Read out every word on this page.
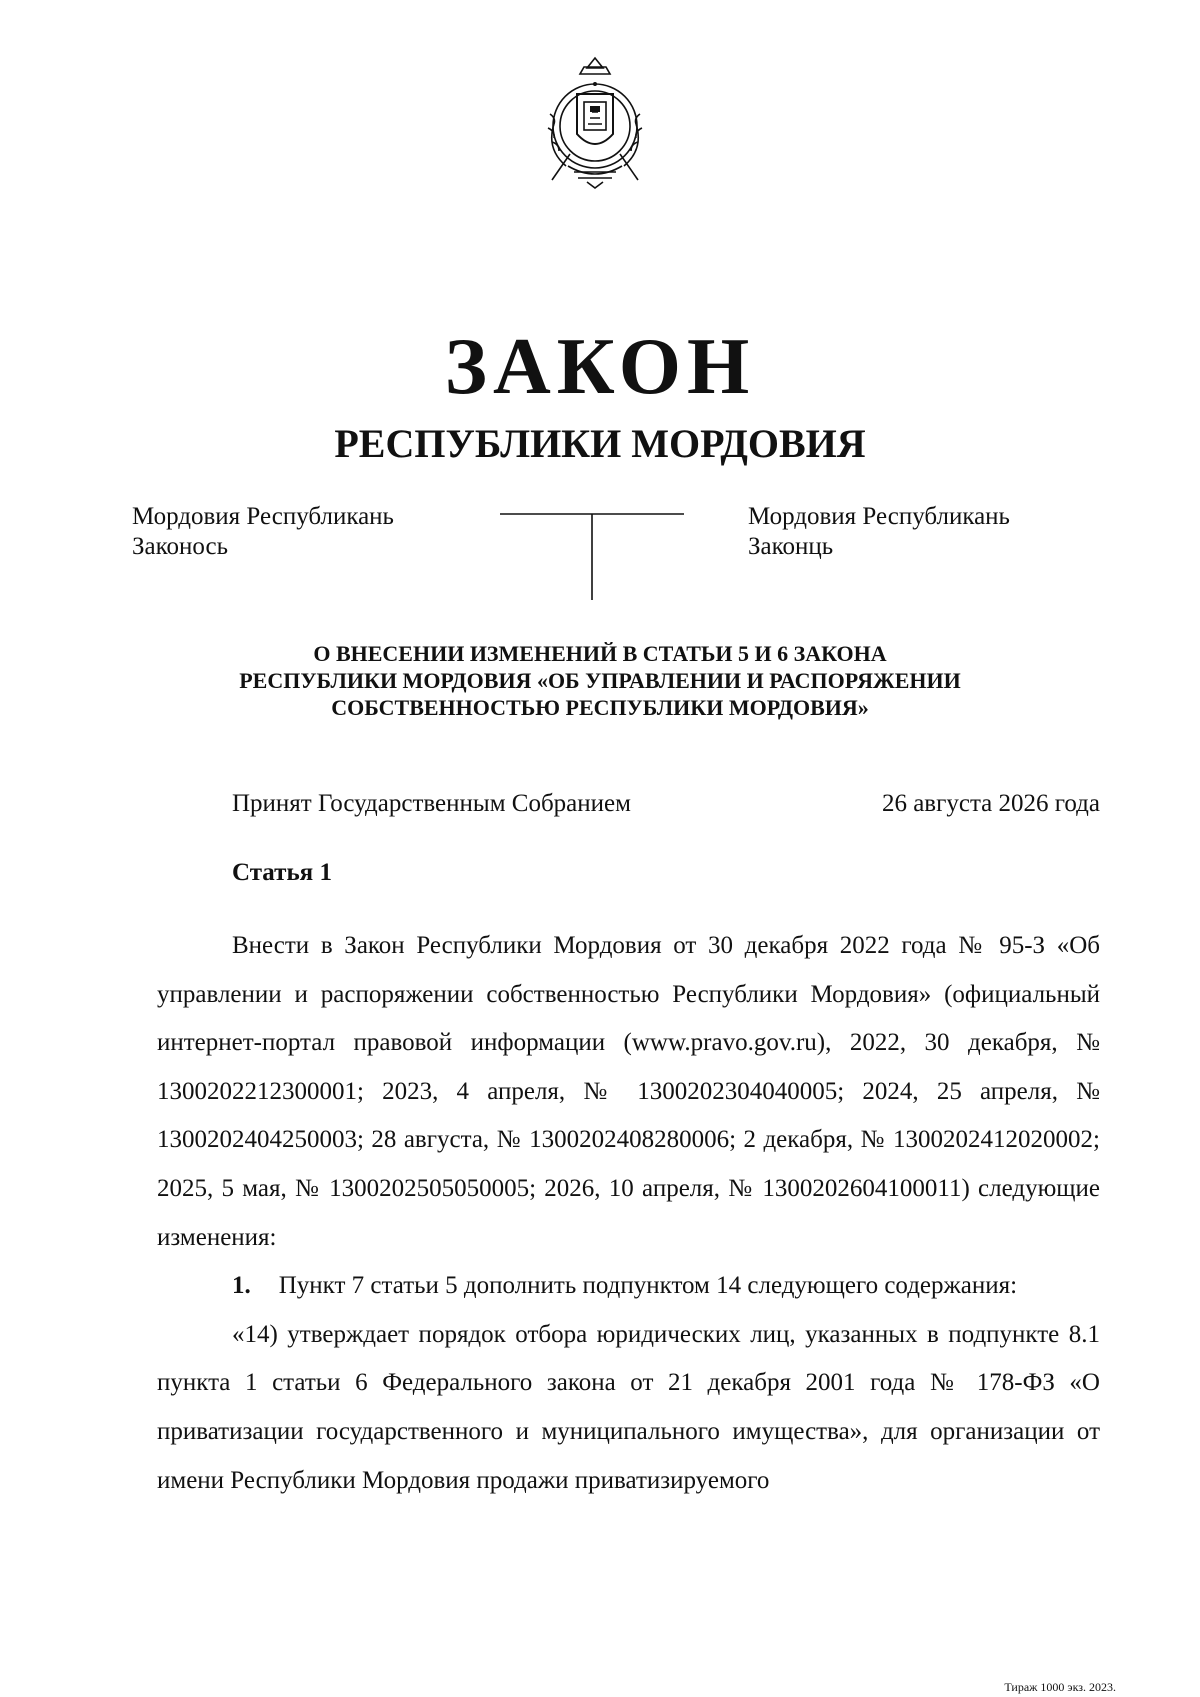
ЗАКОН
РЕСПУБЛИКИ МОРДОВИЯ
Мордовия Республикань
Законось
Мордовия Республикань
Законць
О ВНЕСЕНИИ ИЗМЕНЕНИЙ В СТАТЬИ 5 И 6 ЗАКОНА
РЕСПУБЛИКИ МОРДОВИЯ «ОБ УПРАВЛЕНИИ И РАСПОРЯЖЕНИИ
СОБСТВЕННОСТЬЮ РЕСПУБЛИКИ МОРДОВИЯ»
Принят Государственным Собранием	26 августа 2026 года
Статья 1

Внести в Закон Республики Мордовия от 30 декабря 2022 года № 95-З «Об управлении и распоряжении собственностью Республики Мордовия» (официальный интернет-портал правовой информации (www.pravo.gov.ru), 2022, 30 декабря, № 1300202212300001; 2023, 4 апреля, № 1300202304040005; 2024, 25 апреля, № 1300202404250003; 28 августа, № 1300202408280006; 2 декабря, № 1300202412020002; 2025, 5 мая, № 1300202505050005; 2026, 10 апреля, № 1300202604100011) следующие изменения:

1. Пункт 7 статьи 5 дополнить подпунктом 14 следующего содержания:

«14) утверждает порядок отбора юридических лиц, указанных в подпункте 8.1 пункта 1 статьи 6 Федерального закона от 21 декабря 2001 года № 178-ФЗ «О приватизации государственного и муниципального имущества», для организации от имени Республики Мордовия продажи приватизируемого

Тираж 1000 экз. 2023.
